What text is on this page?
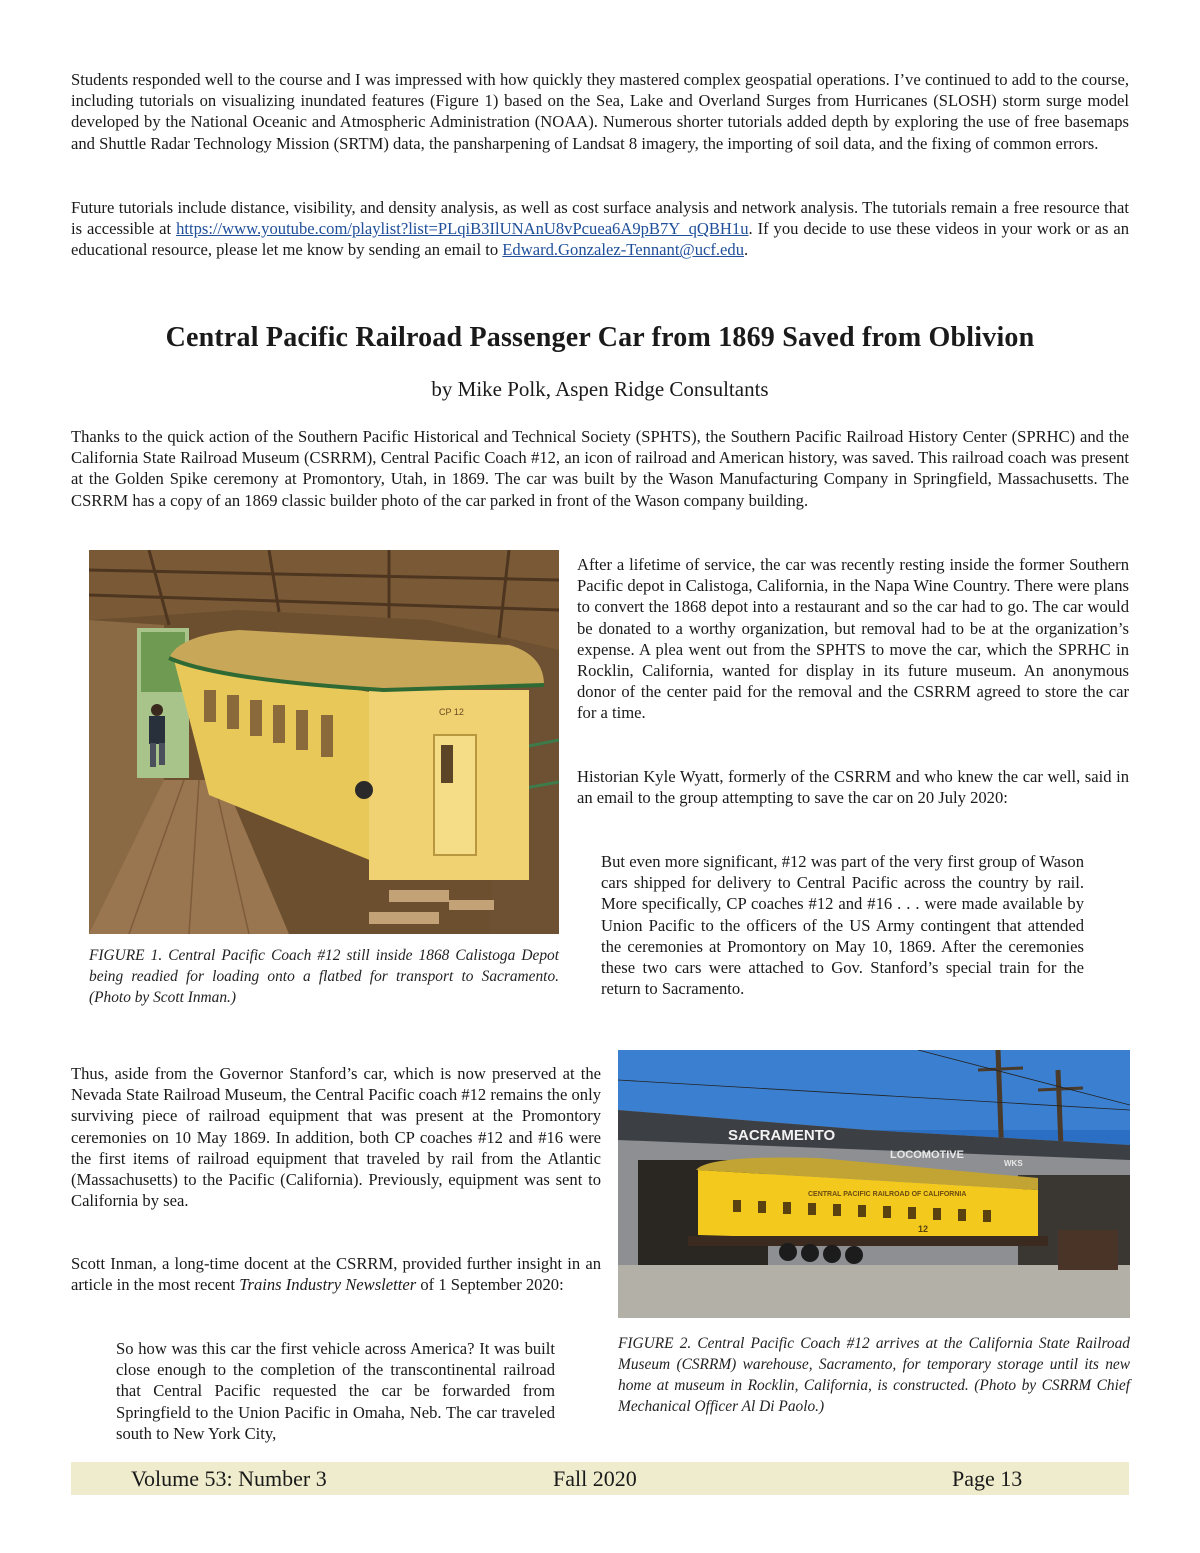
Students responded well to the course and I was impressed with how quickly they mastered complex geospatial operations. I’ve continued to add to the course, including tutorials on visualizing inundated features (Figure 1) based on the Sea, Lake and Overland Surges from Hurricanes (SLOSH) storm surge model developed by the National Oceanic and Atmospheric Administration (NOAA). Numerous shorter tutorials added depth by exploring the use of free basemaps and Shuttle Radar Technology Mission (SRTM) data, the pansharpening of Landsat 8 imagery, the importing of soil data, and the fixing of common errors.

Future tutorials include distance, visibility, and density analysis, as well as cost surface analysis and network analysis. The tutorials remain a free resource that is accessible at https://www.youtube.com/playlist?list=PLqiB3IlUNAnU8vPcuea6A9pB7Y_qQBH1u. If you decide to use these videos in your work or as an educational resource, please let me know by sending an email to Edward.Gonzalez-Tennant@ucf.edu.

Central Pacific Railroad Passenger Car from 1869 Saved from Oblivion
by Mike Polk, Aspen Ridge Consultants

Thanks to the quick action of the Southern Pacific Historical and Technical Society (SPHTS), the Southern Pacific Railroad History Center (SPRHC) and the California State Railroad Museum (CSRRM), Central Pacific Coach #12, an icon of railroad and American history, was saved. This railroad coach was present at the Golden Spike ceremony at Promontory, Utah, in 1869. The car was built by the Wason Manufacturing Company in Springfield, Massachusetts. The CSRRM has a copy of an 1869 classic builder photo of the car parked in front of the Wason company building.

CP 12

FIGURE 1. Central Pacific Coach #12 still inside 1868 Calistoga Depot being readied for loading onto a flatbed for transport to Sacramento. (Photo by Scott Inman.)

After a lifetime of service, the car was recently resting inside the former Southern Pacific depot in Calistoga, California, in the Napa Wine Country. There were plans to convert the 1868 depot into a restaurant and so the car had to go. The car would be donated to a worthy organization, but removal had to be at the organization’s expense. A plea went out from the SPHTS to move the car, which the SPRHC in Rocklin, California, wanted for display in its future museum. An anonymous donor of the center paid for the removal and the CSRRM agreed to store the car for a time.

Historian Kyle Wyatt, formerly of the CSRRM and who knew the car well, said in an email to the group attempting to save the car on 20 July 2020:

But even more significant, #12 was part of the very first group of Wason cars shipped for delivery to Central Pacific across the country by rail. More specifically, CP coaches #12 and #16 . . . were made available by Union Pacific to the officers of the US Army contingent that attended the ceremonies at Promontory on May 10, 1869. After the ceremonies these two cars were attached to Gov. Stanford’s special train for the return to Sacramento.

Thus, aside from the Governor Stanford’s car, which is now preserved at the Nevada State Railroad Museum, the Central Pacific coach #12 remains the only surviving piece of railroad equipment that was present at the Promontory ceremonies on 10 May 1869. In addition, both CP coaches #12 and #16 were the first items of railroad equipment that traveled by rail from the Atlantic (Massachusetts) to the Pacific (California). Previously, equipment was sent to California by sea.

Scott Inman, a long-time docent at the CSRRM, provided further insight in an article in the most recent Trains Industry Newsletter of 1 September 2020:

So how was this car the first vehicle across America? It was built close enough to the completion of the transcontinental railroad that Central Pacific requested the car be forwarded from Springfield to the Union Pacific in Omaha, Neb. The car traveled south to New York City,

SACRAMENTO
LOCOMOTIVE
WKS
CENTRAL PACIFIC RAILROAD OF CALIFORNIA
12

FIGURE 2. Central Pacific Coach #12 arrives at the California State Railroad Museum (CSRRM) warehouse, Sacramento, for temporary storage until its new home at museum in Rocklin, California, is constructed. (Photo by CSRRM Chief Mechanical Officer Al Di Paolo.)

Volume 53: Number 3	Fall 2020	Page 13
